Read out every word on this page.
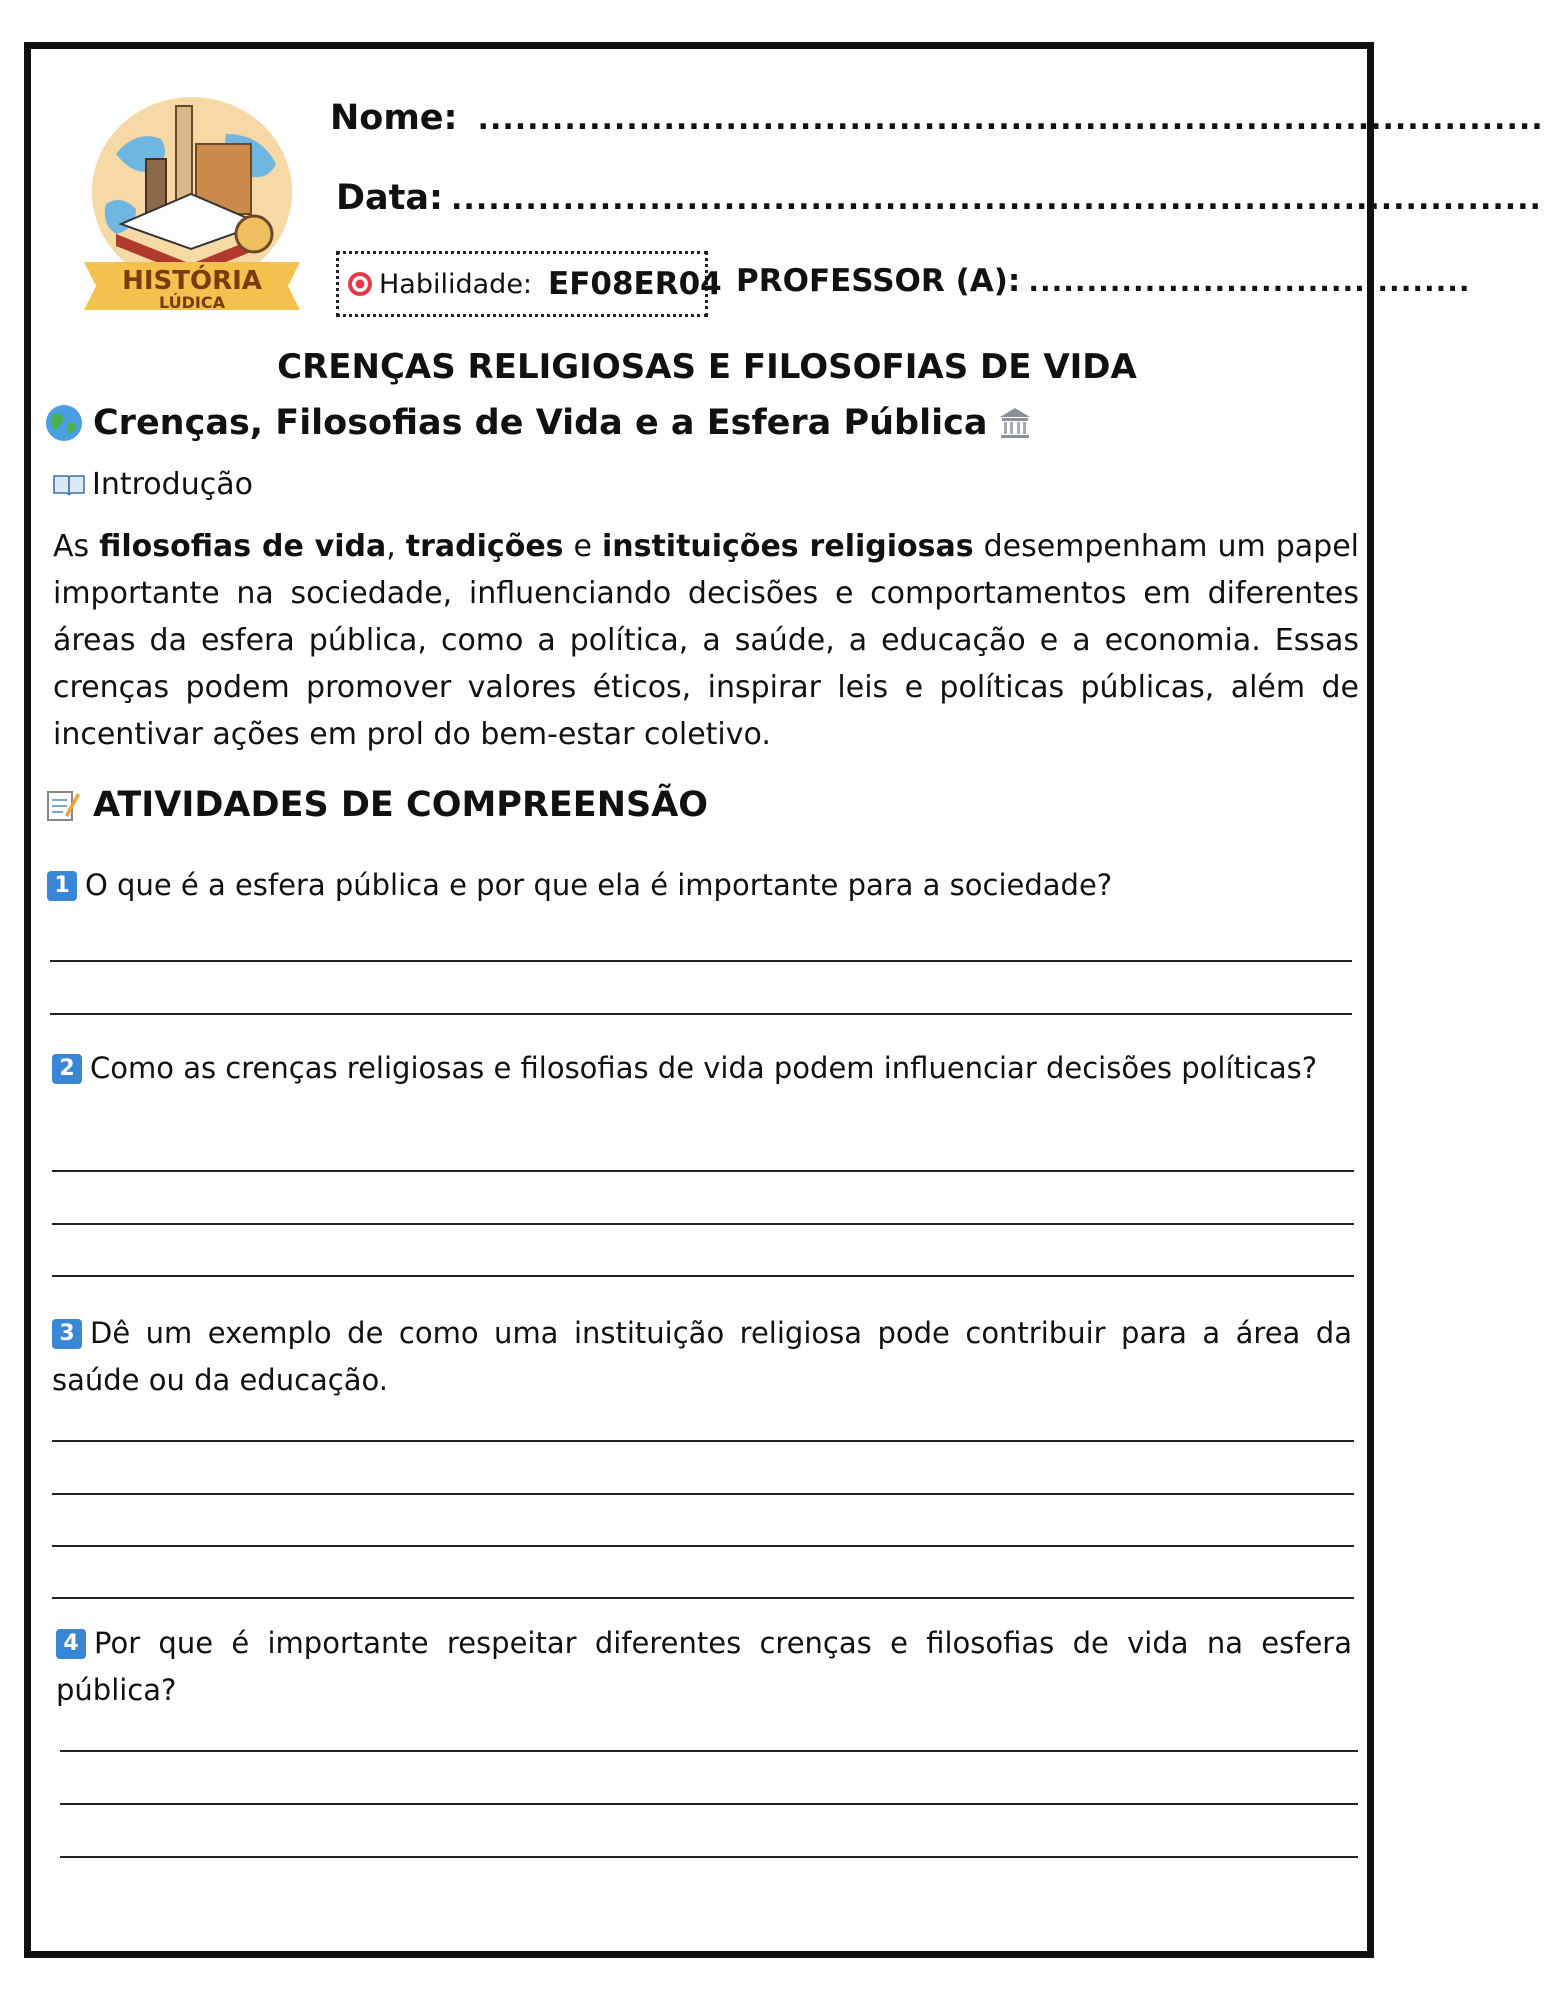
HISTÓRIA
LÚDICA
Nome: ......................................................................................
Data: ........................................................................................
Habilidade: EF08ER04 PROFESSOR (A): ......................................
CRENÇAS RELIGIOSAS E FILOSOFIAS DE VIDA
Crenças, Filosofias de Vida e a Esfera Pública
Introdução
As filosofias de vida, tradições e instituições religiosas desempenham um papel importante na sociedade, influenciando decisões e comportamentos em diferentes áreas da esfera pública, como a política, a saúde, a educação e a economia. Essas crenças podem promover valores éticos, inspirar leis e políticas públicas, além de incentivar ações em prol do bem-estar coletivo.
ATIVIDADES DE COMPREENSÃO
1 O que é a esfera pública e por que ela é importante para a sociedade?
2 Como as crenças religiosas e filosofias de vida podem influenciar decisões políticas?
3 Dê um exemplo de como uma instituição religiosa pode contribuir para a área da saúde ou da educação.
4 Por que é importante respeitar diferentes crenças e filosofias de vida na esfera pública?
